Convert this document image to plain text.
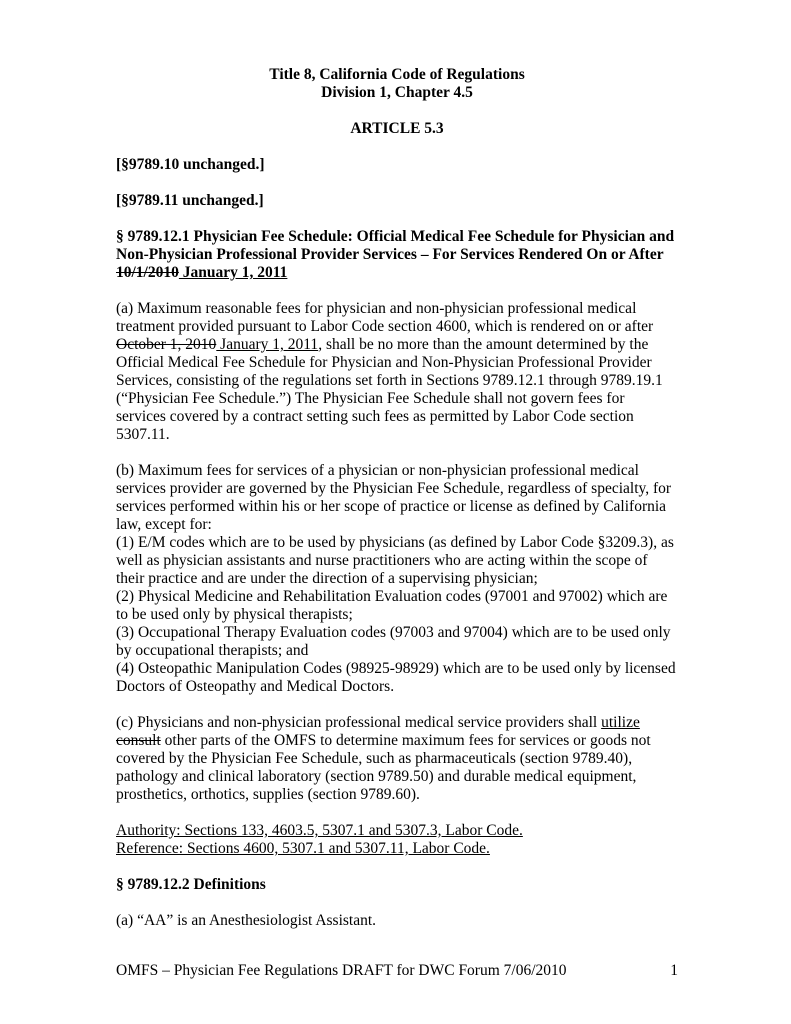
Title 8, California Code of Regulations

Division 1, Chapter 4.5

ARTICLE 5.3

[§9789.10 unchanged.]

[§9789.11 unchanged.]

§ 9789.12.1 Physician Fee Schedule: Official Medical Fee Schedule for Physician and Non-Physician Professional Provider Services – For Services Rendered On or After 10/1/2010 January 1, 2011

(a) Maximum reasonable fees for physician and non-physician professional medical treatment provided pursuant to Labor Code section 4600, which is rendered on or after October 1, 2010 January 1, 2011, shall be no more than the amount determined by the Official Medical Fee Schedule for Physician and Non-Physician Professional Provider Services, consisting of the regulations set forth in Sections 9789.12.1 through 9789.19.1 (“Physician Fee Schedule.”) The Physician Fee Schedule shall not govern fees for services covered by a contract setting such fees as permitted by Labor Code section 5307.11.

(b) Maximum fees for services of a physician or non-physician professional medical services provider are governed by the Physician Fee Schedule, regardless of specialty, for services performed within his or her scope of practice or license as defined by California law, except for:

(1) E/M codes which are to be used by physicians (as defined by Labor Code §3209.3), as well as physician assistants and nurse practitioners who are acting within the scope of their practice and are under the direction of a supervising physician;

(2) Physical Medicine and Rehabilitation Evaluation codes (97001 and 97002) which are to be used only by physical therapists;

(3) Occupational Therapy Evaluation codes (97003 and 97004) which are to be used only by occupational therapists; and

(4) Osteopathic Manipulation Codes (98925-98929) which are to be used only by licensed Doctors of Osteopathy and Medical Doctors.

(c) Physicians and non-physician professional medical service providers shall utilize consult other parts of the OMFS to determine maximum fees for services or goods not covered by the Physician Fee Schedule, such as pharmaceuticals (section 9789.40), pathology and clinical laboratory (section 9789.50) and durable medical equipment, prosthetics, orthotics, supplies (section 9789.60).

Authority: Sections 133, 4603.5, 5307.1 and 5307.3, Labor Code.

Reference: Sections 4600, 5307.1 and 5307.11, Labor Code.

§ 9789.12.2 Definitions

(a) “AA” is an Anesthesiologist Assistant.

OMFS – Physician Fee Regulations DRAFT for DWC Forum 7/06/2010	1
